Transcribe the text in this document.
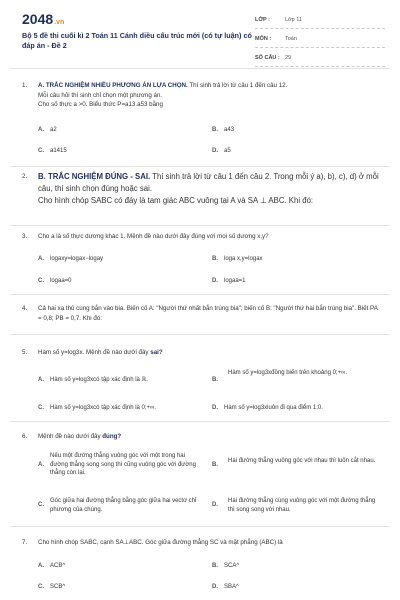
2048.vn
Bộ 5 đề thi cuối kì 2 Toán 11 Cánh diều cấu trúc mới (có tự luận) có đáp án - Đề 2
LỚP :	Lớp 11
MÔN :	Toán
SỐ CÂU : 29
1. A. TRẮC NGHIỆM NHIỀU PHƯƠNG ÁN LỰA CHỌN. Thí sinh trả lời từ câu 1 đến câu 12.
Mỗi câu hỏi thí sinh chỉ chọn một phương án.
Cho số thực a >0. Biểu thức P=a13.a53 bằng
A. a2	B. a43
C. a1415	D. a5
2. B. TRẮC NGHIỆM ĐÚNG - SAI. Thí sinh trả lời từ câu 1 đến câu 2. Trong mỗi ý a), b), c), d) ở mỗi câu, thí sinh chọn đúng hoặc sai.
Cho hình chóp SABC có đáy là tam giác ABC vuông tại A và SA ⊥ ABC. Khi đó:
3. Cho a là số thực dương khác 1. Mệnh đề nào dưới đây đúng với mọi số dương x,y?
A. logaxy=logax−logay	B. loga x,y=logax
C. logaa=0	D. logaa=1
4. Cả hai xạ thủ cùng bắn vào bia. Biến cố A: "Người thứ nhất bắn trúng bia"; biến cố B: "Người thứ hai bắn trúng bia". Biết PA = 0,8; PB = 0,7. Khi đó:
5. Hàm số y=log3x. Mệnh đề nào dưới đây sai?
A. Hàm số y=log3xcó tập xác định là ℝ.	B.
Hàm số y=log3xđồng biến trên khoảng 0;+∞.
C. Hàm số y=log3xcó tập xác định là 0;+∞.	D. Hàm số y=log3xluôn đi qua điểm 1;0.
6. Mệnh đề nào dưới đây đúng?
A.
Nếu một đường thẳng vuông góc với một trong hai đường thẳng song song thì cũng vuông góc với đường thẳng còn lại.
B.
Hai đường thẳng vuông góc với nhau thì luôn cắt nhau.
C.
Góc giữa hai đường thẳng bằng góc giữa hai vectơ chỉ phương của chúng.
D.
Hai đường thẳng cùng vuông góc với một đường thẳng thì song song với nhau.
7. Cho hình chóp SABC, cạnh SA⊥ABC. Góc giữa đường thẳng SC và mặt phẳng (ABC) là
A. ACB^	B. SCA^
C. SCB^	D. SBA^
